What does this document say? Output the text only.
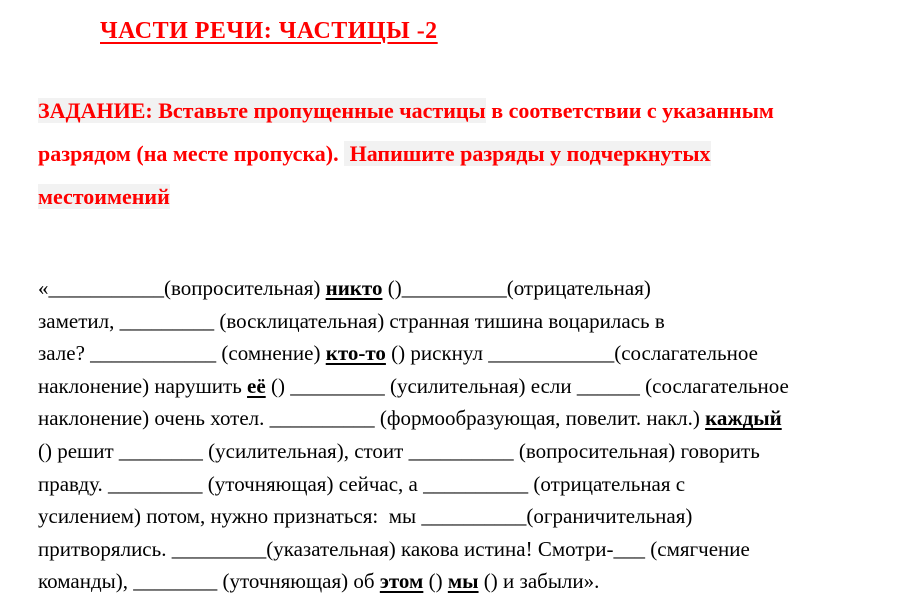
ЧАСТИ РЕЧИ: ЧАСТИЦЫ -2
ЗАДАНИЕ: Вставьте пропущенные частицы в соответствии с указанным
разрядом (на месте пропуска).  Напишите разряды у подчеркнутых
местоимений
«___________(вопросительная) никто ()__________(отрицательная)
заметил, _________ (восклицательная) странная тишина воцарилась в
зале? ____________ (сомнение) кто-то () рискнул ____________(сослагательное
наклонение) нарушить её () _________ (усилительная) если ______ (сослагательное
наклонение) очень хотел. __________ (формообразующая, повелит. накл.) каждый
() решит ________ (усилительная), стоит __________ (вопросительная) говорить
правду. _________ (уточняющая) сейчас, а __________ (отрицательная с
усилением) потом, нужно признаться:  мы __________(ограничительная)
притворялись. _________(указательная) какова истина! Смотри-___ (смягчение
команды), ________ (уточняющая) об этом () мы () и забыли».
